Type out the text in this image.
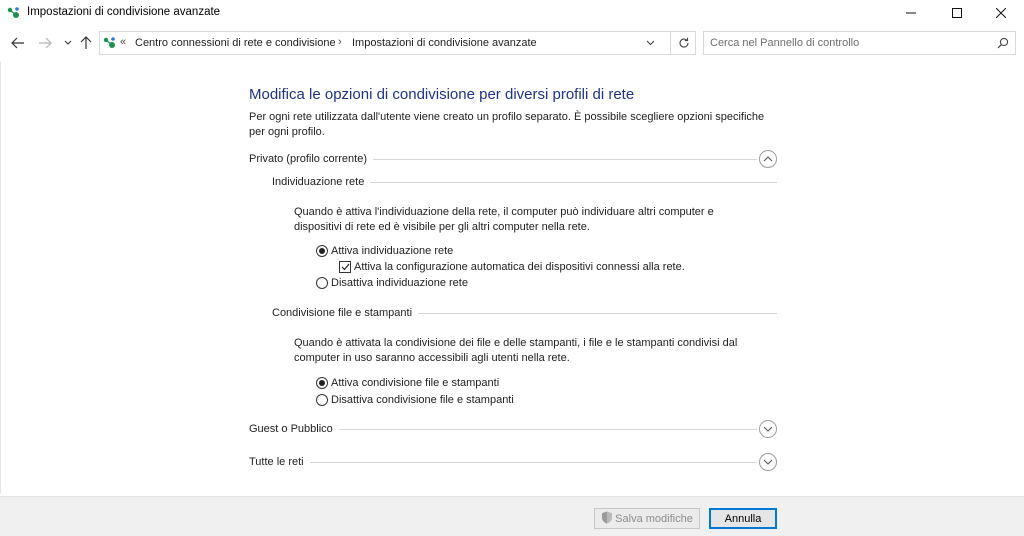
Impostazioni di condivisione avanzate
« Centro connessioni di rete e condivisione › Impostazioni di condivisione avanzate
Cerca nel Pannello di controllo
Modifica le opzioni di condivisione per diversi profili di rete
Per ogni rete utilizzata dall'utente viene creato un profilo separato. È possibile scegliere opzioni specifiche per ogni profilo.
Privato (profilo corrente)
Individuazione rete
Quando è attiva l'individuazione della rete, il computer può individuare altri computer e dispositivi di rete ed è visibile per gli altri computer nella rete.
Attiva individuazione rete
Attiva la configurazione automatica dei dispositivi connessi alla rete.
Disattiva individuazione rete
Condivisione file e stampanti
Quando è attivata la condivisione dei file e delle stampanti, i file e le stampanti condivisi dal computer in uso saranno accessibili agli utenti nella rete.
Attiva condivisione file e stampanti
Disattiva condivisione file e stampanti
Guest o Pubblico
Tutte le reti
Salva modifiche	Annulla
